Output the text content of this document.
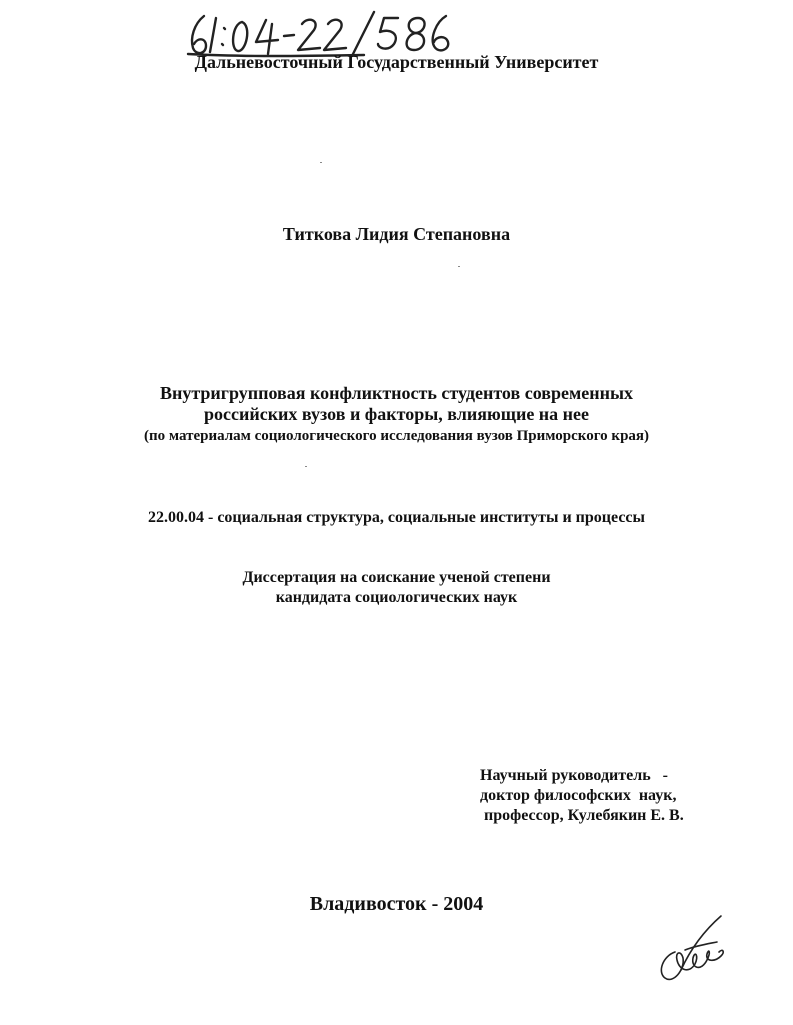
Дальневосточный Государственный Университет
Титкова Лидия Степановна
Внутригрупповая конфликтность студентов современных
российских вузов и факторы, влияющие на нее
(по материалам социологического исследования вузов Приморского края)
22.00.04 - социальная структура, социальные институты и процессы
Диссертация на соискание ученой степени
кандидата социологических наук
Научный руководитель   -
доктор философских  наук,
профессор, Кулебякин Е. В.
Владивосток - 2004
